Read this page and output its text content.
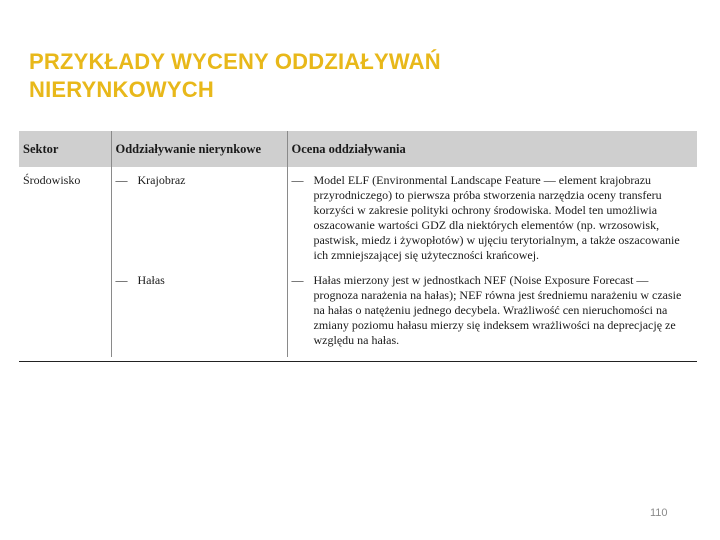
PRZYKŁADY WYCENY ODDZIAŁYWAŃ
NIERYNKOWYCH
Sektor	Oddziaływanie nierynkowe	Ocena oddziaływania
Środowisko	— Krajobraz	— Model ELF (Environmental Landscape Feature — element krajobrazu przyrodniczego) to pierwsza próba stworzenia narzędzia oceny transferu korzyści w zakresie polityki ochrony środowiska. Model ten umożliwia oszacowanie wartości GDZ dla niektórych elementów (np. wrzosowisk, pastwisk, miedz i żywopłotów) w ujęciu terytorialnym, a także oszacowanie ich zmniejszającej się użyteczności krańcowej.

	— Hałas	— Hałas mierzony jest w jednostkach NEF (Noise Exposure Forecast — prognoza narażenia na hałas); NEF równa jest średniemu narażeniu w czasie na hałas o natężeniu jednego decybela. Wrażliwość cen nieruchomości na zmiany poziomu hałasu mierzy się indeksem wrażliwości na deprecjację ze względu na hałas.
110
